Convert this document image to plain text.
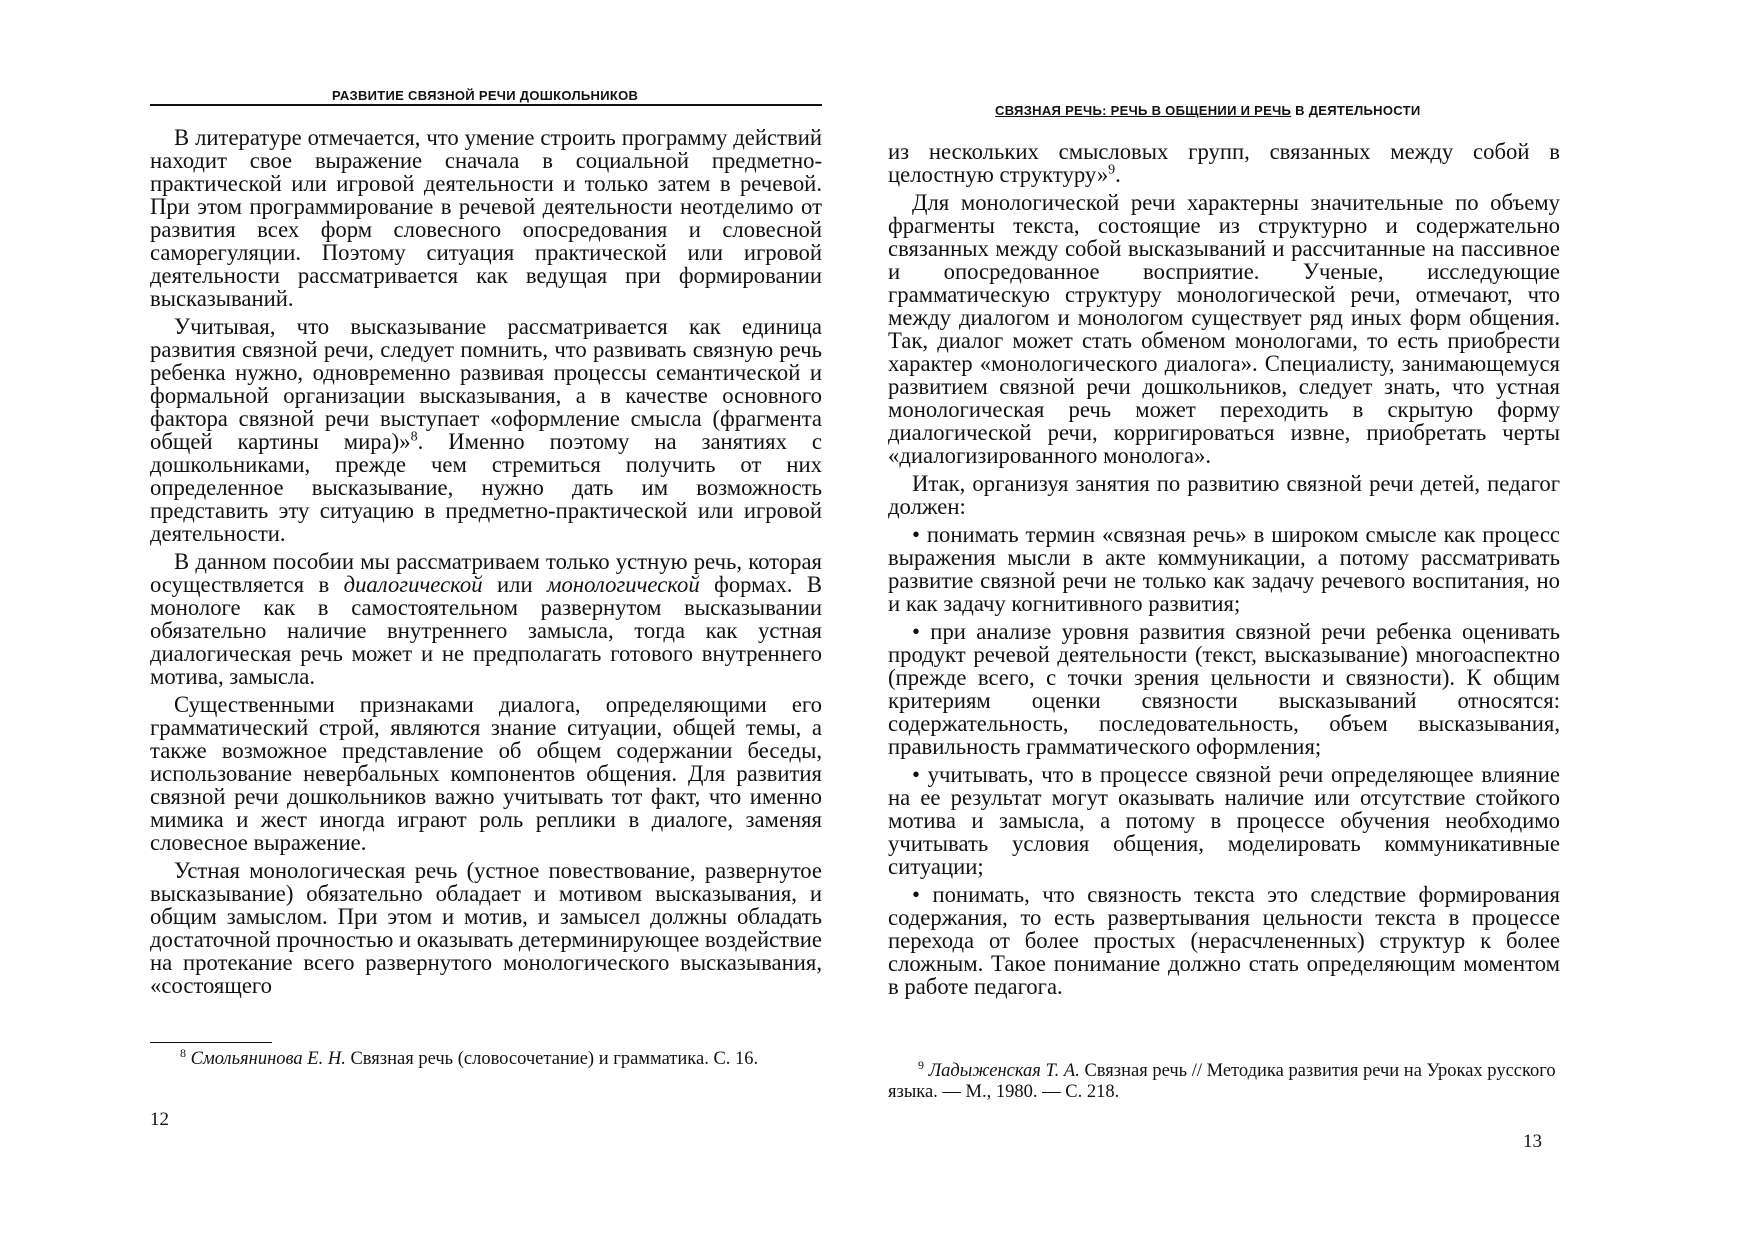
РАЗВИТИЕ СВЯЗНОЙ РЕЧИ ДОШКОЛЬНИКОВ

В литературе отмечается, что умение строить программу действий находит свое выражение сначала в социальной предметно-практической или игровой деятельности и только затем в речевой. При этом программирование в речевой деятельности неотделимо от развития всех форм словесного опосредования и словесной саморегуляции. Поэтому ситуация практической или игровой деятельности рассматривается как ведущая при формировании высказываний.

Учитывая, что высказывание рассматривается как единица развития связной речи, следует помнить, что развивать связную речь ребенка нужно, одновременно развивая процессы семантической и формальной организации высказывания, а в качестве основного фактора связной речи выступает «оформление смысла (фрагмента общей картины мира)»$^8$. Именно поэтому на занятиях с дошкольниками, прежде чем стремиться получить от них определенное высказывание, нужно дать им возможность представить эту ситуацию в предметно-практической или игровой деятельности.

В данном пособии мы рассматриваем только устную речь, которая осуществляется в диалогической или монологической формах. В монологе как в самостоятельном развернутом высказывании обязательно наличие внутреннего замысла, тогда как устная диалогическая речь может и не предполагать готового внутреннего мотива, замысла.

Существенными признаками диалога, определяющими его грамматический строй, являются знание ситуации, общей темы, а также возможное представление об общем содержании беседы, использование невербальных компонентов общения. Для развития связной речи дошкольников важно учитывать тот факт, что именно мимика и жест иногда играют роль реплики в диалоге, заменяя словесное выражение.

Устная монологическая речь (устное повествование, развернутое высказывание) обязательно обладает и мотивом высказывания, и общим замыслом. При этом и мотив, и замысел должны обладать достаточной прочностью и оказывать детерминирующее воздействие на протекание всего развернутого монологического высказывания, «состоящего

$^8$ Смольянинова Е. Н. Связная речь (словосочетание) и грамматика. С. 16.
12
СВЯЗНАЯ РЕЧЬ: РЕЧЬ В ОБЩЕНИИ И РЕЧЬ В ДЕЯТЕЛЬНОСТИ

из нескольких смысловых групп, связанных между собой в целостную структуру»$^9$.

Для монологической речи характерны значительные по объему фрагменты текста, состоящие из структурно и содержательно связанных между собой высказываний и рассчитанные на пассивное и опосредованное восприятие. Ученые, исследующие грамматическую структуру монологической речи, отмечают, что между диалогом и монологом существует ряд иных форм общения. Так, диалог может стать обменом монологами, то есть приобрести характер «монологического диалога». Специалисту, занимающемуся развитием связной речи дошкольников, следует знать, что устная монологическая речь может переходить в скрытую форму диалогической речи, корригироваться извне, приобретать черты «диалогизированного монолога».

Итак, организуя занятия по развитию связной речи детей, педагог должен:

• понимать термин «связная речь» в широком смысле как процесс выражения мысли в акте коммуникации, а потому рассматривать развитие связной речи не только как задачу речевого воспитания, но и как задачу когнитивного развития;

• при анализе уровня развития связной речи ребенка оценивать продукт речевой деятельности (текст, высказывание) многоаспектно (прежде всего, с точки зрения цельности и связности). К общим критериям оценки связности высказываний относятся: содержательность, последовательность, объем высказывания, правильность грамматического оформления;

• учитывать, что в процессе связной речи определяющее влияние на ее результат могут оказывать наличие или отсутствие стойкого мотива и замысла, а потому в процессе обучения необходимо учитывать условия общения, моделировать коммуникативные ситуации;

• понимать, что связность текста это следствие формирования содержания, то есть развертывания цельности текста в процессе перехода от более простых (нерасчлененных) структур к более сложным. Такое понимание должно стать определяющим моментом в работе педагога.

$^9$ Ладыженская Т. А. Связная речь // Методика развития речи на Уроках русского языка. — М., 1980. — С. 218.
13
